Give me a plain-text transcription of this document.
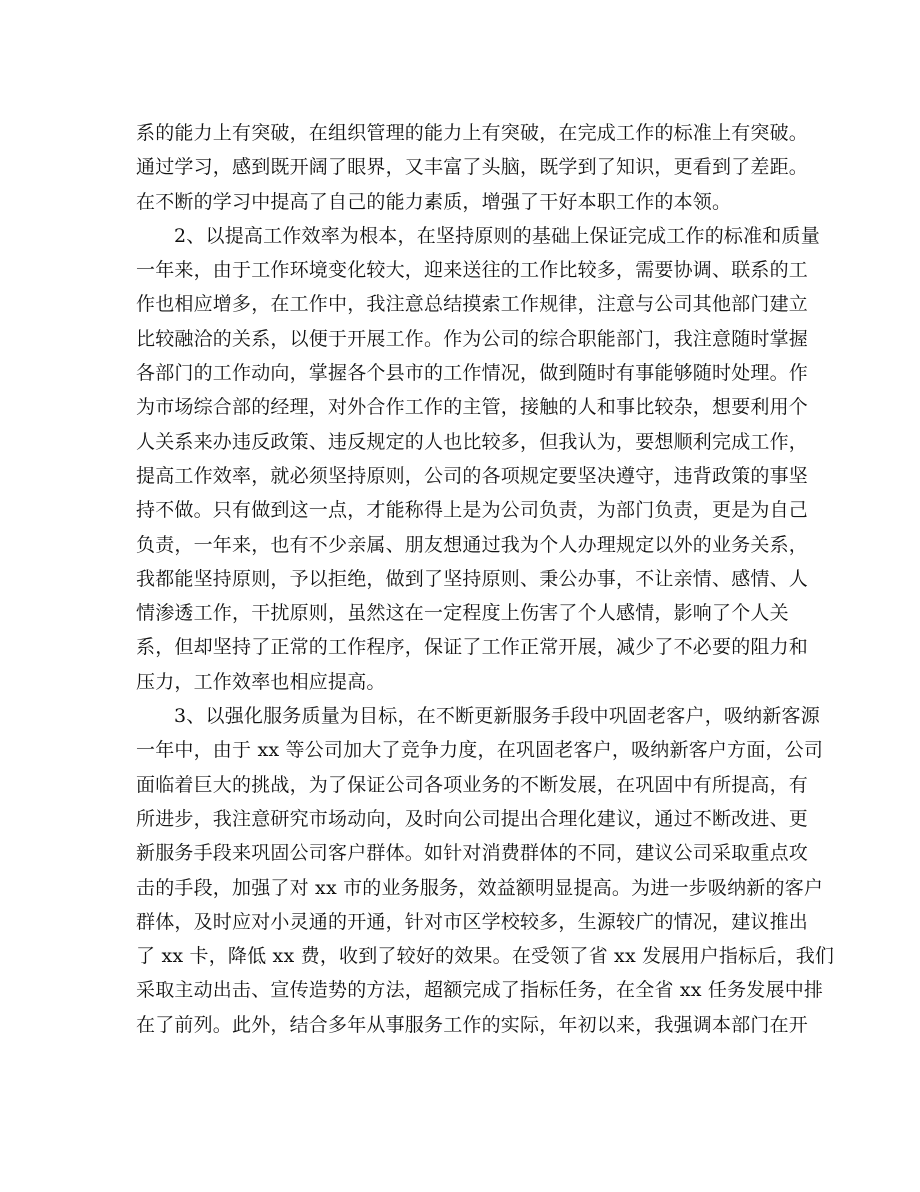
系的能力上有突破，在组织管理的能力上有突破，在完成工作的标准上有突破。
通过学习，感到既开阔了眼界，又丰富了头脑，既学到了知识，更看到了差距。
在不断的学习中提高了自己的能力素质，增强了干好本职工作的本领。
2、以提高工作效率为根本，在坚持原则的基础上保证完成工作的标准和质量
一年来，由于工作环境变化较大，迎来送往的工作比较多，需要协调、联系的工
作也相应增多，在工作中，我注意总结摸索工作规律，注意与公司其他部门建立
比较融洽的关系，以便于开展工作。作为公司的综合职能部门，我注意随时掌握
各部门的工作动向，掌握各个县市的工作情况，做到随时有事能够随时处理。作
为市场综合部的经理，对外合作工作的主管，接触的人和事比较杂，想要利用个
人关系来办违反政策、违反规定的人也比较多，但我认为，要想顺利完成工作，
提高工作效率，就必须坚持原则，公司的各项规定要坚决遵守，违背政策的事坚
持不做。只有做到这一点，才能称得上是为公司负责，为部门负责，更是为自己
负责，一年来，也有不少亲属、朋友想通过我为个人办理规定以外的业务关系，
我都能坚持原则，予以拒绝，做到了坚持原则、秉公办事，不让亲情、感情、人
情渗透工作，干扰原则，虽然这在一定程度上伤害了个人感情，影响了个人关
系，但却坚持了正常的工作程序，保证了工作正常开展，减少了不必要的阻力和
压力，工作效率也相应提高。
3、以强化服务质量为目标，在不断更新服务手段中巩固老客户，吸纳新客源
一年中，由于 xx 等公司加大了竞争力度，在巩固老客户，吸纳新客户方面，公司
面临着巨大的挑战，为了保证公司各项业务的不断发展，在巩固中有所提高，有
所进步，我注意研究市场动向，及时向公司提出合理化建议，通过不断改进、更
新服务手段来巩固公司客户群体。如针对消费群体的不同，建议公司采取重点攻
击的手段，加强了对 xx 市的业务服务，效益额明显提高。为进一步吸纳新的客户
群体，及时应对小灵通的开通，针对市区学校较多，生源较广的情况，建议推出
了 xx 卡，降低 xx 费，收到了较好的效果。在受领了省 xx 发展用户指标后，我们
采取主动出击、宣传造势的方法，超额完成了指标任务，在全省 xx 任务发展中排
在了前列。此外，结合多年从事服务工作的实际，年初以来，我强调本部门在开
